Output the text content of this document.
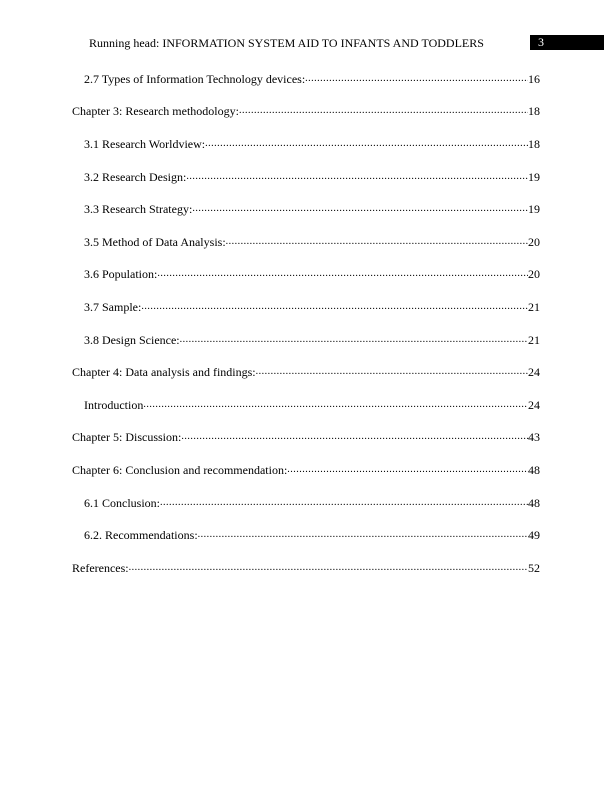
Running head: INFORMATION SYSTEM AID TO INFANTS AND TODDLERS	3
2.7 Types of Information Technology devices: .....	16
Chapter 3: Research methodology: .....	18
3.1 Research Worldview: .....	18
3.2 Research Design: .....	19
3.3 Research Strategy: .....	19
3.5 Method of Data Analysis: .....	20
3.6 Population: .....	20
3.7 Sample: .....	21
3.8 Design Science: .....	21
Chapter 4: Data analysis and findings: .....	24
Introduction .....	24
Chapter 5: Discussion: .....	43
Chapter 6: Conclusion and recommendation: .....	48
6.1 Conclusion: .....	48
6.2. Recommendations: .....	49
References: .....	52
